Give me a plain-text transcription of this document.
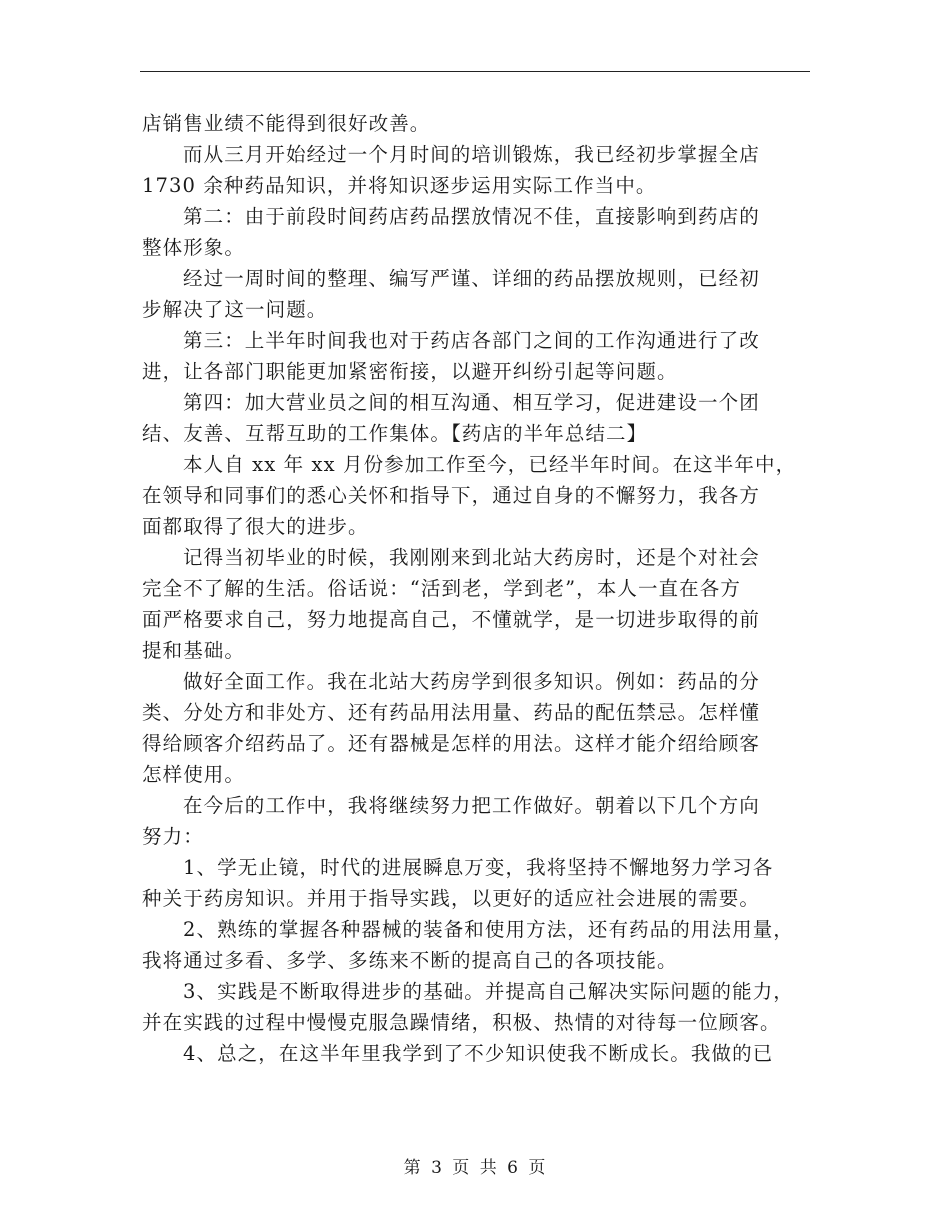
店销售业绩不能得到很好改善。
而从三月开始经过一个月时间的培训锻炼，我已经初步掌握全店
1730 余种药品知识，并将知识逐步运用实际工作当中。
第二：由于前段时间药店药品摆放情况不佳，直接影响到药店的
整体形象。
经过一周时间的整理、编写严谨、详细的药品摆放规则，已经初
步解决了这一问题。
第三：上半年时间我也对于药店各部门之间的工作沟通进行了改
进，让各部门职能更加紧密衔接，以避开纠纷引起等问题。
第四：加大营业员之间的相互沟通、相互学习，促进建设一个团
结、友善、互帮互助的工作集体。【药店的半年总结二】
本人自 xx 年 xx 月份参加工作至今，已经半年时间。在这半年中，
在领导和同事们的悉心关怀和指导下，通过自身的不懈努力，我各方
面都取得了很大的进步。
记得当初毕业的时候，我刚刚来到北站大药房时，还是个对社会
完全不了解的生活。俗话说：“活到老，学到老”，本人一直在各方
面严格要求自己，努力地提高自己，不懂就学，是一切进步取得的前
提和基础。
做好全面工作。我在北站大药房学到很多知识。例如：药品的分
类、分处方和非处方、还有药品用法用量、药品的配伍禁忌。怎样懂
得给顾客介绍药品了。还有器械是怎样的用法。这样才能介绍给顾客
怎样使用。
在今后的工作中，我将继续努力把工作做好。朝着以下几个方向
努力：
1、学无止镜，时代的进展瞬息万变，我将坚持不懈地努力学习各
种关于药房知识。并用于指导实践，以更好的适应社会进展的需要。
2、熟练的掌握各种器械的装备和使用方法，还有药品的用法用量，
我将通过多看、多学、多练来不断的提高自己的各项技能。
3、实践是不断取得进步的基础。并提高自己解决实际问题的能力，
并在实践的过程中慢慢克服急躁情绪，积极、热情的对待每一位顾客。
4、总之，在这半年里我学到了不少知识使我不断成长。我做的已
第 3 页 共 6 页
